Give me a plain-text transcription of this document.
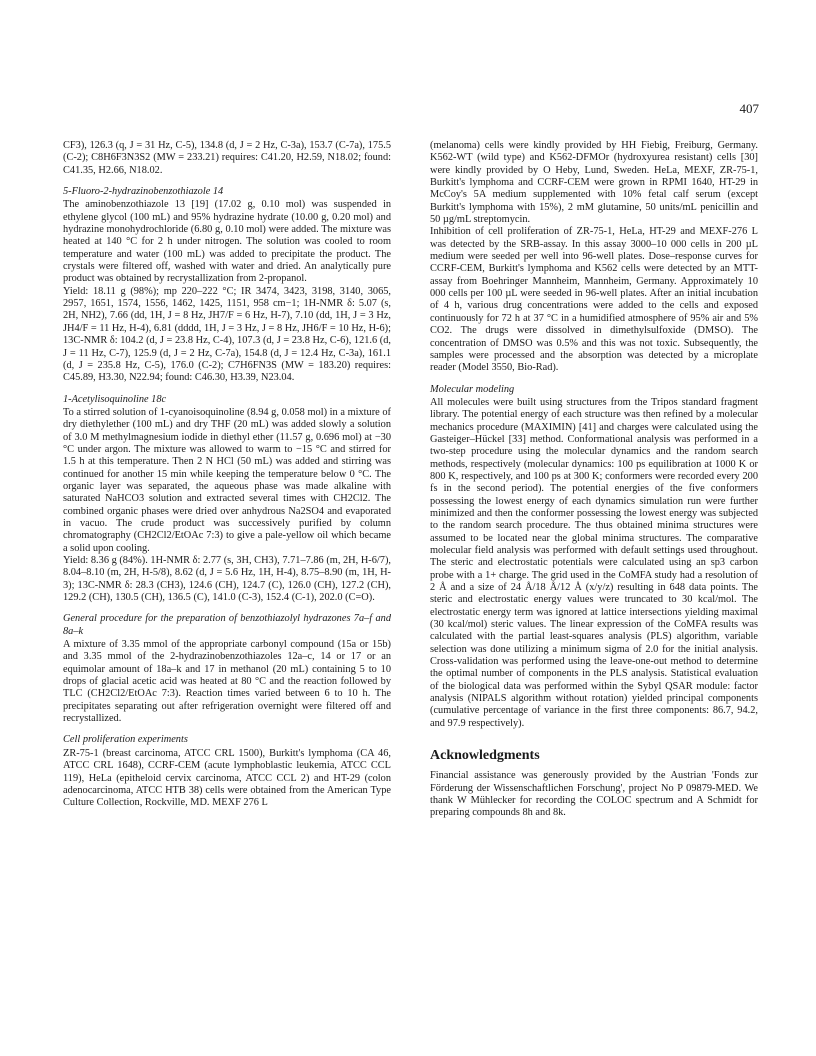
407

CF3), 126.3 (q, J = 31 Hz, C-5), 134.8 (d, J = 2 Hz, C-3a), 153.7 (C-7a), 175.5 (C-2); C8H6F3N3S2 (MW = 233.21) requires: C41.20, H2.59, N18.02; found: C41.35, H2.66, N18.02.

5-Fluoro-2-hydrazinobenzothiazole 14

The aminobenzothiazole 13 [19] (17.02 g, 0.10 mol) was suspended in ethylene glycol (100 mL) and 95% hydrazine hydrate (10.00 g, 0.20 mol) and hydrazine monohydrochloride (6.80 g, 0.10 mol) were added. The mixture was heated at 140 °C for 2 h under nitrogen. The solution was cooled to room temperature and water (100 mL) was added to precipitate the product. The crystals were filtered off, washed with water and dried. An analytically pure product was obtained by recrystallization from 2-propanol.

Yield: 18.11 g (98%); mp 220–222 °C; IR 3474, 3423, 3198, 3140, 3065, 2957, 1651, 1574, 1556, 1462, 1425, 1151, 958 cm−1; 1H-NMR δ: 5.07 (s, 2H, NH2), 7.66 (dd, 1H, J = 8 Hz, JH7/F = 6 Hz, H-7), 7.10 (dd, 1H, J = 3 Hz, JH4/F = 11 Hz, H-4), 6.81 (dddd, 1H, J = 3 Hz, J = 8 Hz, JH6/F = 10 Hz, H-6); 13C-NMR δ: 104.2 (d, J = 23.8 Hz, C-4), 107.3 (d, J = 23.8 Hz, C-6), 121.6 (d, J = 11 Hz, C-7), 125.9 (d, J = 2 Hz, C-7a), 154.8 (d, J = 12.4 Hz, C-3a), 161.1 (d, J = 235.8 Hz, C-5), 176.0 (C-2); C7H6FN3S (MW = 183.20) requires: C45.89, H3.30, N22.94; found: C46.30, H3.39, N23.04.

1-Acetylisoquinoline 18c

To a stirred solution of 1-cyanoisoquinoline (8.94 g, 0.058 mol) in a mixture of dry diethylether (100 mL) and dry THF (20 mL) was added slowly a solution of 3.0 M methylmagnesium iodide in diethyl ether (11.57 g, 0.696 mol) at −30 °C under argon. The mixture was allowed to warm to −15 °C and stirred for 1.5 h at this temperature. Then 2 N HCl (50 mL) was added and stirring was continued for another 15 min while keeping the temperature below 0 °C. The organic layer was separated, the aqueous phase was made alkaline with saturated NaHCO3 solution and extracted several times with CH2Cl2. The combined organic phases were dried over anhydrous Na2SO4 and evaporated in vacuo. The crude product was successively purified by column chromatography (CH2Cl2/EtOAc 7:3) to give a pale-yellow oil which became a solid upon cooling.

Yield: 8.36 g (84%). 1H-NMR δ: 2.77 (s, 3H, CH3), 7.71–7.86 (m, 2H, H-6/7), 8.04–8.10 (m, 2H, H-5/8), 8.62 (d, J = 5.6 Hz, 1H, H-4), 8.75–8.90 (m, 1H, H-3); 13C-NMR δ: 28.3 (CH3), 124.6 (CH), 124.7 (C), 126.0 (CH), 127.2 (CH), 129.2 (CH), 130.5 (CH), 136.5 (C), 141.0 (C-3), 152.4 (C-1), 202.0 (C=O).

General procedure for the preparation of benzothiazolyl hydrazones 7a–f and 8a–k

A mixture of 3.35 mmol of the appropriate carbonyl compound (15a or 15b) and 3.35 mmol of the 2-hydrazinobenzothiazoles 12a–c, 14 or 17 or an equimolar amount of 18a–k and 17 in methanol (20 mL) containing 5 to 10 drops of glacial acetic acid was heated at 80 °C and the reaction followed by TLC (CH2Cl2/EtOAc 7:3). Reaction times varied between 6 to 10 h. The precipitates separating out after refrigeration overnight were filtered off and recrystallized.

Cell proliferation experiments

ZR-75-1 (breast carcinoma, ATCC CRL 1500), Burkitt's lymphoma (CA 46, ATCC CRL 1648), CCRF-CEM (acute lymphoblastic leukemia, ATCC CCL 119), HeLa (epitheloid cervix carcinoma, ATCC CCL 2) and HT-29 (colon adenocarcinoma, ATCC HTB 38) cells were obtained from the American Type Culture Collection, Rockville, MD. MEXF 276 L

(melanoma) cells were kindly provided by HH Fiebig, Freiburg, Germany. K562-WT (wild type) and K562-DFMOr (hydroxyurea resistant) cells [30] were kindly provided by O Heby, Lund, Sweden. HeLa, MEXF, ZR-75-1, Burkitt's lymphoma and CCRF-CEM were grown in RPMI 1640, HT-29 in McCoy's 5A medium supplemented with 10% fetal calf serum (except Burkitt's lymphoma with 15%), 2 mM glutamine, 50 units/mL penicillin and 50 µg/mL streptomycin.

Inhibition of cell proliferation of ZR-75-1, HeLa, HT-29 and MEXF-276 L was detected by the SRB-assay. In this assay 3000–10 000 cells in 200 µL medium were seeded per well into 96-well plates. Dose–response curves for CCRF-CEM, Burkitt's lymphoma and K562 cells were detected by an MTT-assay from Boehringer Mannheim, Mannheim, Germany. Approximately 10 000 cells per 100 µL were seeded in 96-well plates. After an initial incubation of 4 h, various drug concentrations were added to the cells and exposed continuously for 72 h at 37 °C in a humidified atmosphere of 95% air and 5% CO2. The drugs were dissolved in dimethylsulfoxide (DMSO). The concentration of DMSO was 0.5% and this was not toxic. Subsequently, the samples were processed and the absorption was detected by a microplate reader (Model 3550, Bio-Rad).

Molecular modeling

All molecules were built using structures from the Tripos standard fragment library. The potential energy of each structure was then refined by a molecular mechanics procedure (MAXIMIN) [41] and charges were calculated using the Gasteiger–Hückel [33] method. Conformational analysis was performed in a two-step procedure using the molecular dynamics and the random search methods, respectively (molecular dynamics: 100 ps equilibration at 1000 K or 800 K, respectively, and 100 ps at 300 K; conformers were recorded every 200 fs in the second period). The potential energies of the five conformers possessing the lowest energy of each dynamics simulation run were further minimized and then the conformer possessing the lowest energy was subjected to the random search procedure. The thus obtained minima structures were assumed to be located near the global minima structures. The comparative molecular field analysis was performed with default settings used throughout. The steric and electrostatic potentials were calculated using an sp3 carbon probe with a 1+ charge. The grid used in the CoMFA study had a resolution of 2 Å and a size of 24 Å/18 Å/12 Å (x/y/z) resulting in 648 data points. The steric and electrostatic energy values were truncated to 30 kcal/mol. The electrostatic energy term was ignored at lattice intersections yielding maximal (30 kcal/mol) steric values. The linear expression of the CoMFA results was calculated with the partial least-squares analysis (PLS) algorithm, variable selection was done utilizing a minimum sigma of 2.0 for the initial analysis. Cross-validation was performed using the leave-one-out method to determine the optimal number of components in the PLS analysis. Statistical evaluation of the biological data was performed within the Sybyl QSAR module: factor analysis (NIPALS algorithm without rotation) yielded principal components (cumulative percentage of variance in the first three components: 86.7, 94.2, and 97.9 respectively).

Acknowledgments

Financial assistance was generously provided by the Austrian 'Fonds zur Förderung der Wissenschaftlichen Forschung', project No P 09879-MED. We thank W Mühlecker for recording the COLOC spectrum and A Schmidt for preparing compounds 8h and 8k.
